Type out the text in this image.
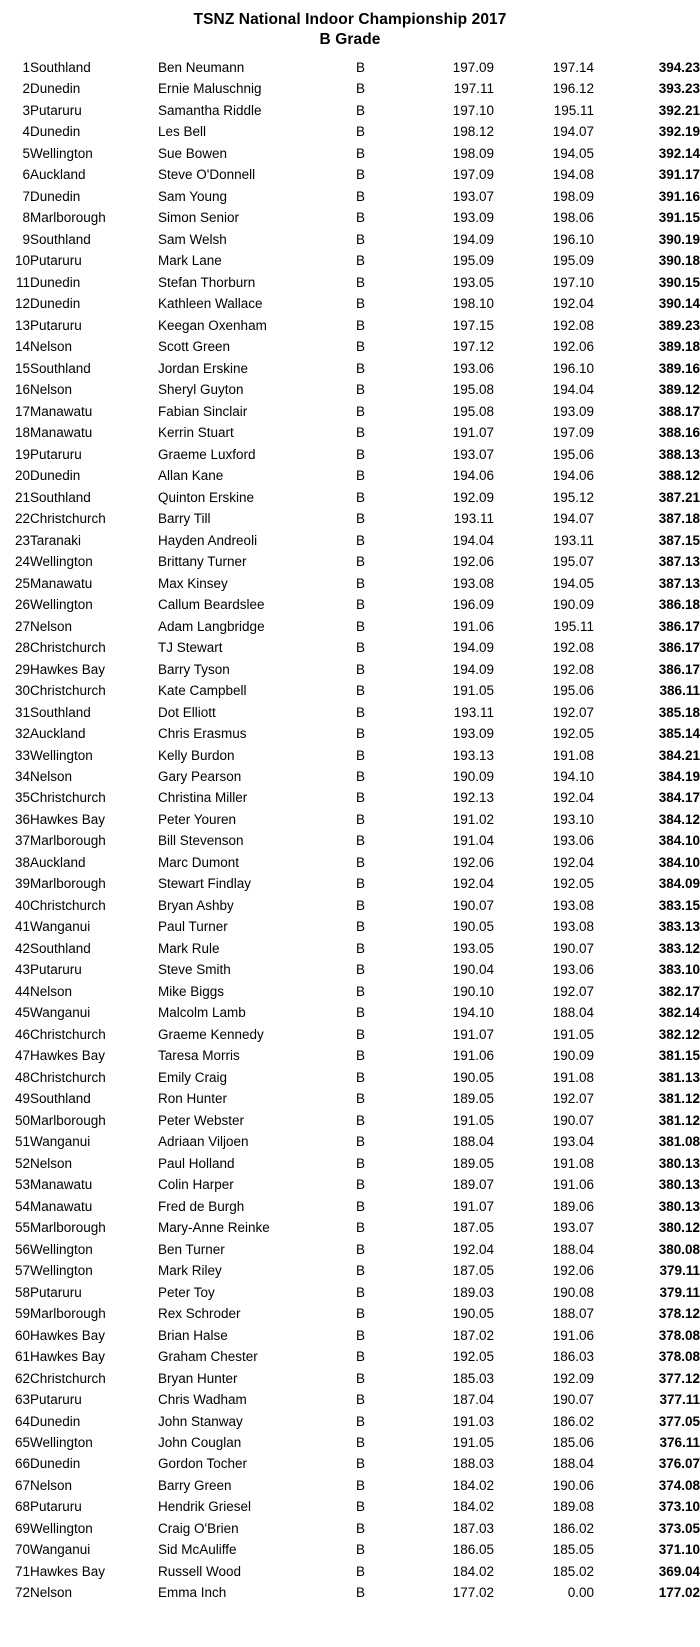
TSNZ National Indoor Championship 2017
B Grade
1	Southland	Ben Neumann	B	197.09	197.14	394.23
2	Dunedin	Ernie Maluschnig	B	197.11	196.12	393.23
3	Putaruru	Samantha Riddle	B	197.10	195.11	392.21
4	Dunedin	Les Bell	B	198.12	194.07	392.19
5	Wellington	Sue Bowen	B	198.09	194.05	392.14
6	Auckland	Steve O'Donnell	B	197.09	194.08	391.17
7	Dunedin	Sam Young	B	193.07	198.09	391.16
8	Marlborough	Simon Senior	B	193.09	198.06	391.15
9	Southland	Sam Welsh	B	194.09	196.10	390.19
10	Putaruru	Mark Lane	B	195.09	195.09	390.18
11	Dunedin	Stefan Thorburn	B	193.05	197.10	390.15
12	Dunedin	Kathleen Wallace	B	198.10	192.04	390.14
13	Putaruru	Keegan Oxenham	B	197.15	192.08	389.23
14	Nelson	Scott Green	B	197.12	192.06	389.18
15	Southland	Jordan Erskine	B	193.06	196.10	389.16
16	Nelson	Sheryl Guyton	B	195.08	194.04	389.12
17	Manawatu	Fabian Sinclair	B	195.08	193.09	388.17
18	Manawatu	Kerrin Stuart	B	191.07	197.09	388.16
19	Putaruru	Graeme Luxford	B	193.07	195.06	388.13
20	Dunedin	Allan Kane	B	194.06	194.06	388.12
21	Southland	Quinton Erskine	B	192.09	195.12	387.21
22	Christchurch	Barry Till	B	193.11	194.07	387.18
23	Taranaki	Hayden Andreoli	B	194.04	193.11	387.15
24	Wellington	Brittany Turner	B	192.06	195.07	387.13
25	Manawatu	Max Kinsey	B	193.08	194.05	387.13
26	Wellington	Callum Beardslee	B	196.09	190.09	386.18
27	Nelson	Adam Langbridge	B	191.06	195.11	386.17
28	Christchurch	TJ Stewart	B	194.09	192.08	386.17
29	Hawkes Bay	Barry Tyson	B	194.09	192.08	386.17
30	Christchurch	Kate Campbell	B	191.05	195.06	386.11
31	Southland	Dot Elliott	B	193.11	192.07	385.18
32	Auckland	Chris Erasmus	B	193.09	192.05	385.14
33	Wellington	Kelly Burdon	B	193.13	191.08	384.21
34	Nelson	Gary Pearson	B	190.09	194.10	384.19
35	Christchurch	Christina Miller	B	192.13	192.04	384.17
36	Hawkes Bay	Peter Youren	B	191.02	193.10	384.12
37	Marlborough	Bill Stevenson	B	191.04	193.06	384.10
38	Auckland	Marc Dumont	B	192.06	192.04	384.10
39	Marlborough	Stewart Findlay	B	192.04	192.05	384.09
40	Christchurch	Bryan Ashby	B	190.07	193.08	383.15
41	Wanganui	Paul Turner	B	190.05	193.08	383.13
42	Southland	Mark Rule	B	193.05	190.07	383.12
43	Putaruru	Steve Smith	B	190.04	193.06	383.10
44	Nelson	Mike Biggs	B	190.10	192.07	382.17
45	Wanganui	Malcolm Lamb	B	194.10	188.04	382.14
46	Christchurch	Graeme Kennedy	B	191.07	191.05	382.12
47	Hawkes Bay	Taresa Morris	B	191.06	190.09	381.15
48	Christchurch	Emily Craig	B	190.05	191.08	381.13
49	Southland	Ron Hunter	B	189.05	192.07	381.12
50	Marlborough	Peter Webster	B	191.05	190.07	381.12
51	Wanganui	Adriaan Viljoen	B	188.04	193.04	381.08
52	Nelson	Paul Holland	B	189.05	191.08	380.13
53	Manawatu	Colin Harper	B	189.07	191.06	380.13
54	Manawatu	Fred de Burgh	B	191.07	189.06	380.13
55	Marlborough	Mary-Anne Reinke	B	187.05	193.07	380.12
56	Wellington	Ben Turner	B	192.04	188.04	380.08
57	Wellington	Mark Riley	B	187.05	192.06	379.11
58	Putaruru	Peter Toy	B	189.03	190.08	379.11
59	Marlborough	Rex Schroder	B	190.05	188.07	378.12
60	Hawkes Bay	Brian Halse	B	187.02	191.06	378.08
61	Hawkes Bay	Graham Chester	B	192.05	186.03	378.08
62	Christchurch	Bryan Hunter	B	185.03	192.09	377.12
63	Putaruru	Chris Wadham	B	187.04	190.07	377.11
64	Dunedin	John Stanway	B	191.03	186.02	377.05
65	Wellington	John Couglan	B	191.05	185.06	376.11
66	Dunedin	Gordon Tocher	B	188.03	188.04	376.07
67	Nelson	Barry Green	B	184.02	190.06	374.08
68	Putaruru	Hendrik Griesel	B	184.02	189.08	373.10
69	Wellington	Craig O'Brien	B	187.03	186.02	373.05
70	Wanganui	Sid McAuliffe	B	186.05	185.05	371.10
71	Hawkes Bay	Russell Wood	B	184.02	185.02	369.04
72	Nelson	Emma Inch	B	177.02	0.00	177.02
